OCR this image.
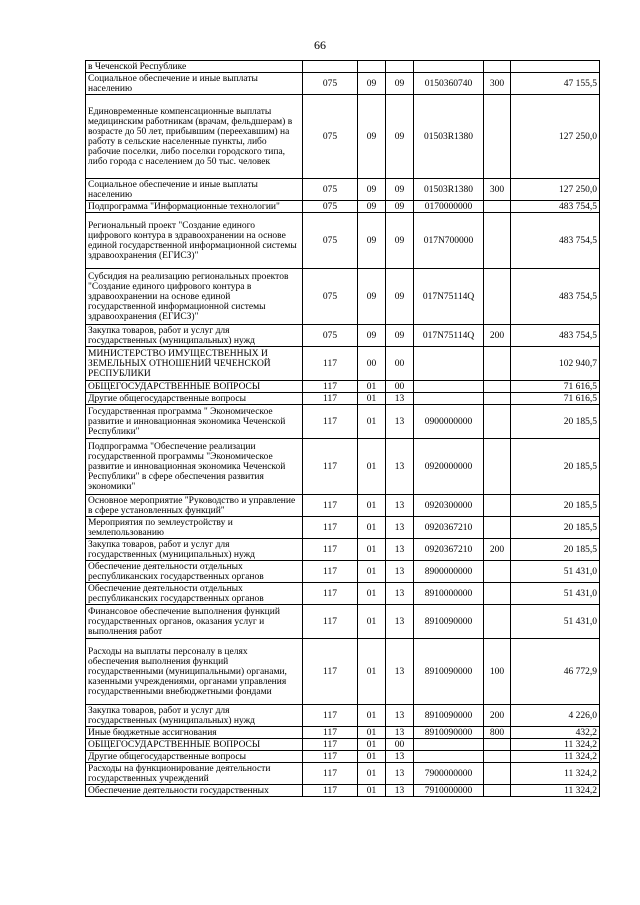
66
в Чеченской Республике						
Социальное обеспечение и иные выплаты населению	075	09	09	0150360740	300	47 155,5
Единовременные компенсационные выплаты медицинским работникам (врачам, фельдшерам) в возрасте до 50 лет, прибывшим (переехавшим) на работу в сельские населенные пункты, либо рабочие поселки, либо поселки городского типа, либо города с населением до 50 тыс. человек	075	09	09	01503R1380		127 250,0
Социальное обеспечение и иные выплаты населению	075	09	09	01503R1380	300	127 250,0
Подпрограмма "Информационные технологии"	075	09	09	0170000000		483 754,5
Региональный проект "Создание единого цифрового контура в здравоохранении на основе единой государственной информационной системы здравоохранения (ЕГИСЗ)"	075	09	09	017N700000		483 754,5
Субсидия на реализацию региональных проектов "Создание единого цифрового контура в здравоохранении на основе единой государственной информационной системы здравоохранения (ЕГИСЗ)"	075	09	09	017N75114Q		483 754,5
Закупка товаров, работ и услуг для государственных (муниципальных) нужд	075	09	09	017N75114Q	200	483 754,5
МИНИСТЕРСТВО ИМУЩЕСТВЕННЫХ И ЗЕМЕЛЬНЫХ ОТНОШЕНИЙ ЧЕЧЕНСКОЙ РЕСПУБЛИКИ	117	00	00			102 940,7
ОБЩЕГОСУДАРСТВЕННЫЕ ВОПРОСЫ	117	01	00			71 616,5
Другие общегосударственные вопросы	117	01	13			71 616,5
Государственная программа " Экономическое развитие и инновационная экономика Чеченской Республики"	117	01	13	0900000000		20 185,5
Подпрограмма "Обеспечение реализации государственной программы "Экономическое развитие и инновационная экономика Чеченской Республики" в сфере обеспечения развития экономики"	117	01	13	0920000000		20 185,5
Основное мероприятие "Руководство и управление в сфере установленных функций"	117	01	13	0920300000		20 185,5
Мероприятия по землеустройству и землепользованию	117	01	13	0920367210		20 185,5
Закупка товаров, работ и услуг для государственных (муниципальных) нужд	117	01	13	0920367210	200	20 185,5
Обеспечение деятельности отдельных республиканских государственных органов	117	01	13	8900000000		51 431,0
Обеспечение деятельности отдельных республиканских государственных органов	117	01	13	8910000000		51 431,0
Финансовое обеспечение выполнения функций государственных органов, оказания услуг и выполнения работ	117	01	13	8910090000		51 431,0
Расходы на выплаты персоналу в целях обеспечения выполнения функций государственными (муниципальными) органами, казенными учреждениями, органами управления государственными внебюджетными фондами	117	01	13	8910090000	100	46 772,9
Закупка товаров, работ и услуг для государственных (муниципальных) нужд	117	01	13	8910090000	200	4 226,0
Иные бюджетные ассигнования	117	01	13	8910090000	800	432,2
ОБЩЕГОСУДАРСТВЕННЫЕ ВОПРОСЫ	117	01	00			11 324,2
Другие общегосударственные вопросы	117	01	13			11 324,2
Расходы на функционирование деятельности государственных учреждений	117	01	13	7900000000		11 324,2
Обеспечение деятельности государственных	117	01	13	7910000000		11 324,2
